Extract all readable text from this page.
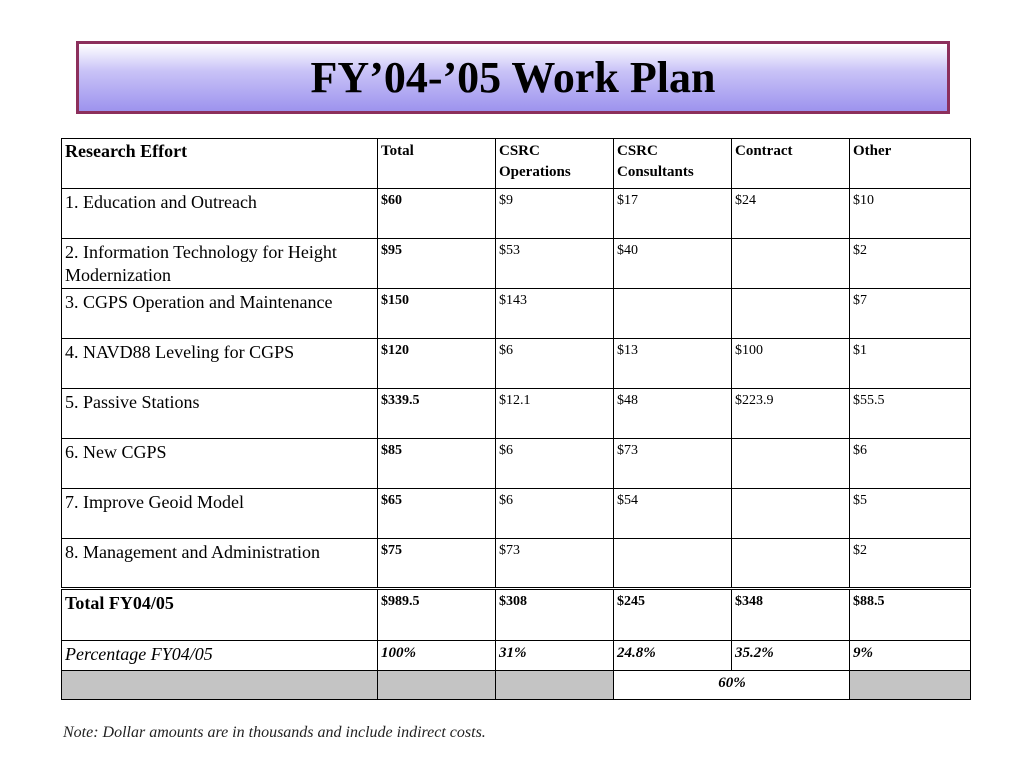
FY’04-’05 Work Plan
Research Effort	Total	CSRC Operations	CSRC Consultants	Contract	Other
1. Education and Outreach	$60	$9	$17	$24	$10
2. Information Technology for Height Modernization	$95	$53	$40		$2
3. CGPS Operation and Maintenance	$150	$143			$7
4. NAVD88 Leveling for CGPS	$120	$6	$13	$100	$1
5. Passive Stations	$339.5	$12.1	$48	$223.9	$55.5
6. New CGPS	$85	$6	$73		$6
7. Improve Geoid Model	$65	$6	$54		$5
8. Management and Administration	$75	$73			$2
Total FY04/05	$989.5	$308	$245	$348	$88.5
Percentage FY04/05	100%	31%	24.8%	35.2%	9%
			60%		
Note: Dollar amounts are in thousands and include indirect costs.
